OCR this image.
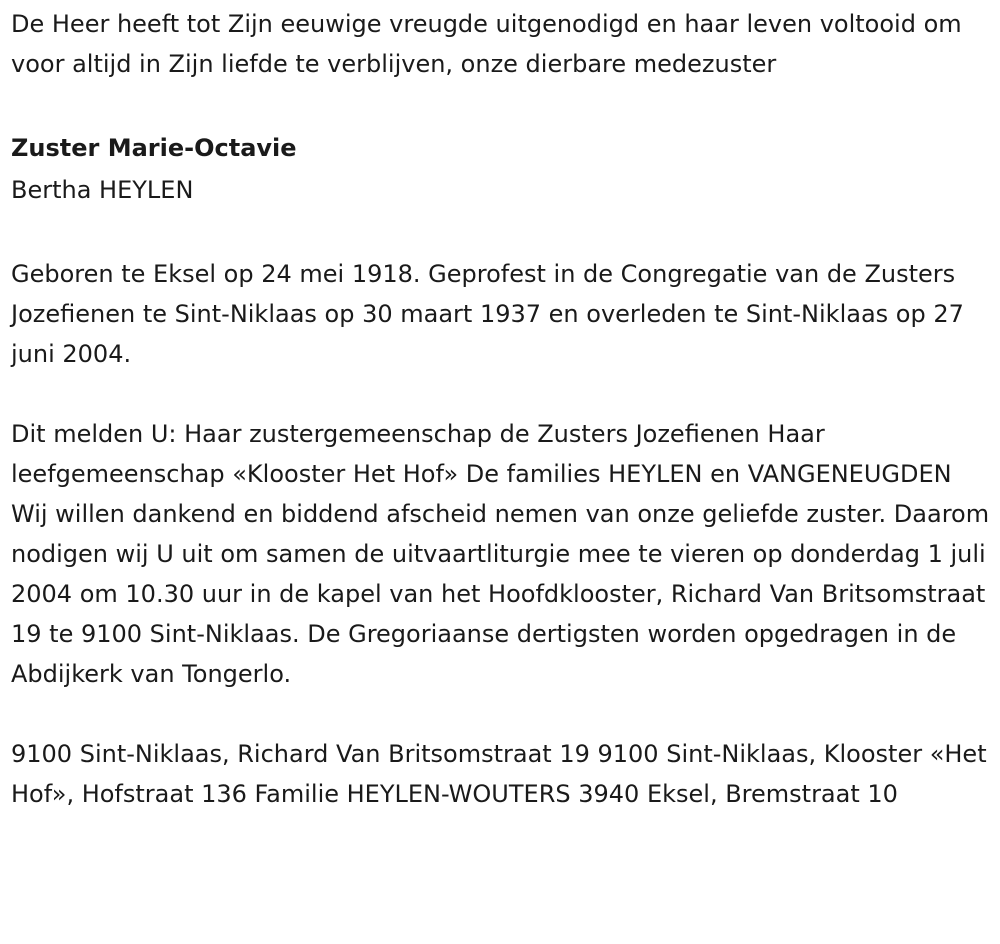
De Heer heeft tot Zijn eeuwige vreugde uitgenodigd en haar leven voltooid om voor altijd in Zijn liefde te verblijven, onze dierbare medezuster

Zuster Marie-Octavie

Bertha HEYLEN

Geboren te Eksel op 24 mei 1918. Geprofest in de Congregatie van de Zusters Jozefienen te Sint-Niklaas op 30 maart 1937 en overleden te Sint-Niklaas op 27 juni 2004.

Dit melden U: Haar zustergemeenschap de Zusters Jozefienen Haar leefgemeenschap «Klooster Het Hof» De families HEYLEN en VANGENEUGDEN Wij willen dankend en biddend afscheid nemen van onze geliefde zuster. Daarom nodigen wij U uit om samen de uitvaartliturgie mee te vieren op donderdag 1 juli 2004 om 10.30 uur in de kapel van het Hoofdklooster, Richard Van Britsomstraat 19 te 9100 Sint-Niklaas. De Gregoriaanse dertigsten worden opgedragen in de Abdijkerk van Tongerlo.

9100 Sint-Niklaas, Richard Van Britsomstraat 19 9100 Sint-Niklaas, Klooster «Het Hof», Hofstraat 136 Familie HEYLEN-WOUTERS 3940 Eksel, Bremstraat 10
